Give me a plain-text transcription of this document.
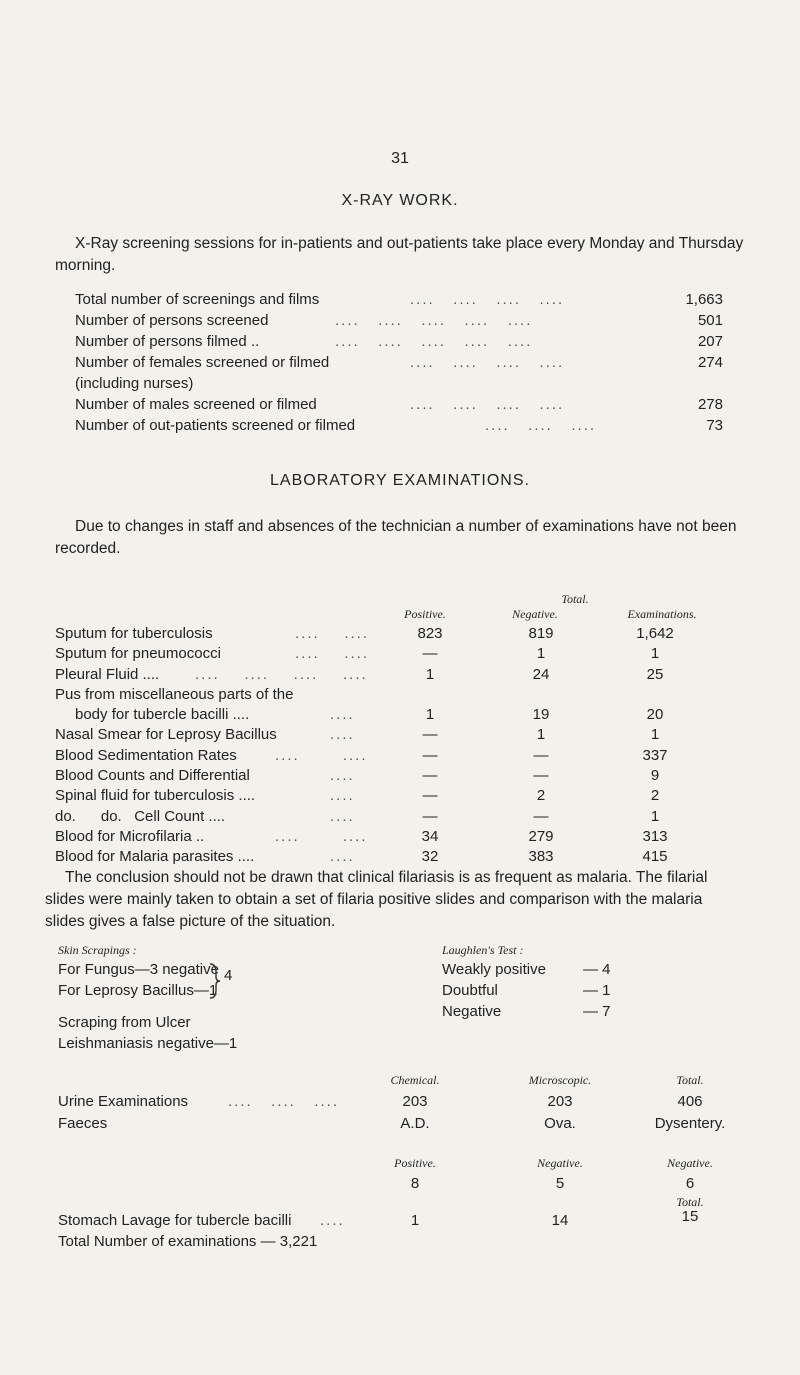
31
X-RAY WORK.
X-Ray screening sessions for in-patients and out-patients take place every Monday and Thursday morning.
Total number of screenings and films	....   ....   ....   ....	1,663
Number of persons screened	....   ....   ....   ....   ....	501
Number of persons filmed ..	....   ....   ....   ....   ....	207
Number of females screened or filmed	....   ....   ....   ....	274
(including nurses)
Number of males screened or filmed	....   ....   ....   ....	278
Number of out-patients screened or filmed	....   ....   ....	73
LABORATORY EXAMINATIONS.
Due to changes in staff and absences of the technician a number of examinations have not been recorded.
Total.
Positive.	Negative.	Examinations.
Sputum for tuberculosis	....    ....	823	819	1,642
Sputum for pneumococci	....    ....	—	1	1
Pleural Fluid .... ....    ....    ....    ....	1	24	25
Pus from miscellaneous parts of the
body for tubercle bacilli ....	....	1	19	20
Nasal Smear for Leprosy Bacillus	....	—	1	1
Blood Sedimentation Rates	....       ....	—	—	337
Blood Counts and Differential	....	—	—	9
Spinal fluid for tuberculosis ....	....	—	2	2
do.      do.   Cell Count ....	....	—	—	1
Blood for Microfilaria ..	....       ....	34	279	313
Blood for Malaria parasites ....	....	32	383	415
The conclusion should not be drawn that clinical filariasis is as frequent as malaria. The filarial slides were mainly taken to obtain a set of filaria positive slides and comparison with the malaria slides gives a false picture of the situation.
Skin Scrapings :
For Fungus—3 negative
For Leprosy Bacillus—1
4
Scraping from Ulcer
Leishmaniasis negative—1
Laughlen's Test :
Weakly positive — 4
Doubtful	— 1
Negative	— 7
Chemical.	Microscopic.	Total.
Urine Examinations	....   ....   ....	203	203	406
Faeces	A.D.	Ova.	Dysentery.
Positive.	Negative.	Negative.
8	5	6
Total.
Stomach Lavage for tubercle bacilli ....	1	14	15
Total Number of examinations — 3,221
